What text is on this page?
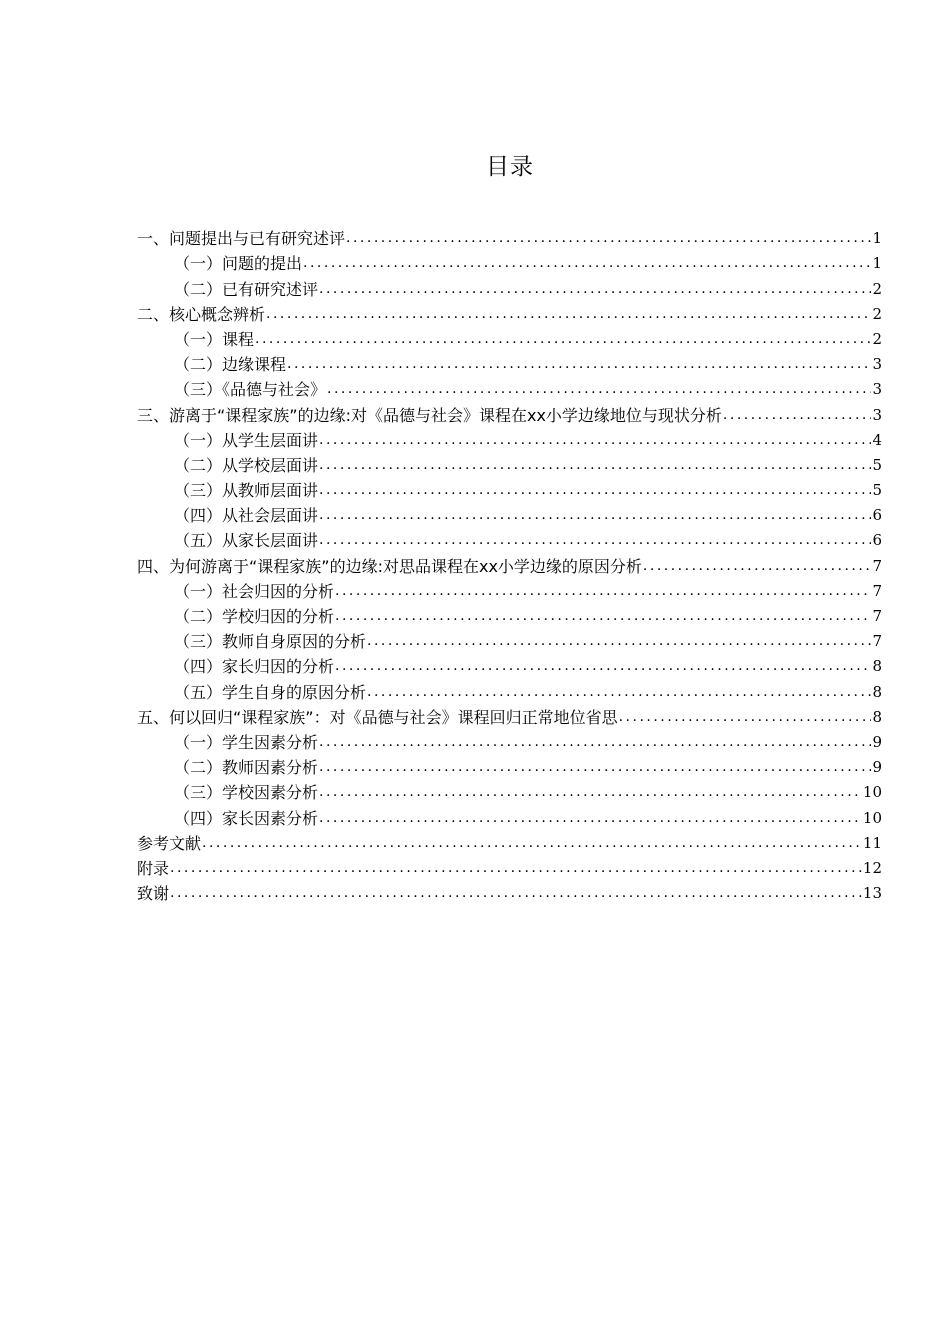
目录
一、问题提出与已有研究述评 .....	1
（一）问题的提出 .....	1
（二）已有研究述评 .....	2
二、核心概念辨析 .....	2
（一）课程 .....	2
（二）边缘课程 .....	3
（三）《品德与社会》 .....	3
三、游离于“课程家族”的边缘:对《品德与社会》课程在xx小学边缘地位与现状分析 .....	3
（一）从学生层面讲 .....	4
（二）从学校层面讲 .....	5
（三）从教师层面讲 .....	5
（四）从社会层面讲 .....	6
（五）从家长层面讲 .....	6
四、为何游离于“课程家族”的边缘:对思品课程在xx小学边缘的原因分析 .....	7
（一）社会归因的分析 .....	7
（二）学校归因的分析 .....	7
（三）教师自身原因的分析 .....	7
（四）家长归因的分析 .....	8
（五）学生自身的原因分析 .....	8
五、何以回归“课程家族”：对《品德与社会》课程回归正常地位省思 .....	8
（一）学生因素分析 .....	9
（二）教师因素分析 .....	9
（三）学校因素分析 .....	10
（四）家长因素分析 .....	10
参考文献 .....	11
附录 .....	12
致谢 .....	13
